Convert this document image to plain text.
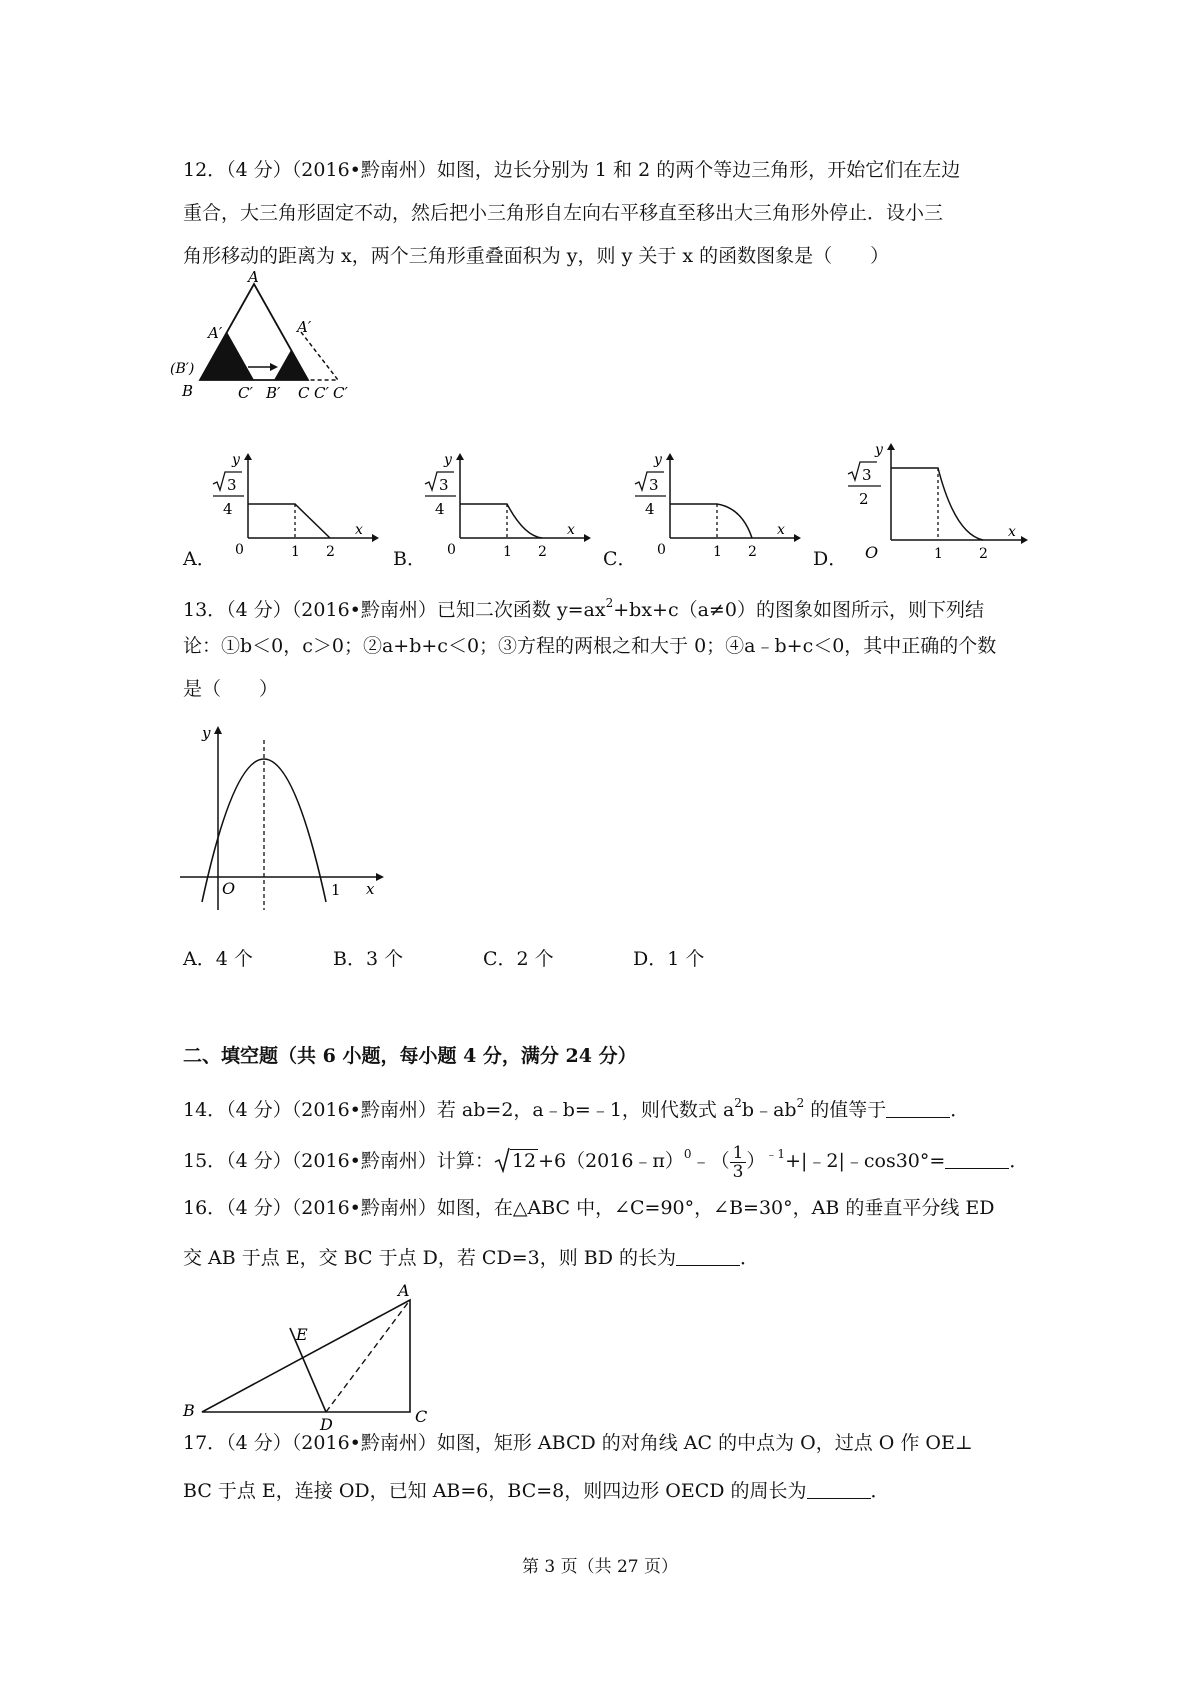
12．（4 分）（2016•黔南州）如图，边长分别为 1 和 2 的两个等边三角形，开始它们在左边
重合，大三角形固定不动，然后把小三角形自左向右平移直至移出大三角形外停止．设小三
角形移动的距离为 x，两个三角形重叠面积为 y，则 y 关于 x 的函数图象是（　　）
A
A′	A′
(B′)
B	C′ B′ C C′ C′
A．
y
x
0	1 2
3
4
B．
y
x
0	1 2
3
4
C．
y
x
0	1 2
3
4
D．
y
x
O	1	2
3
2
13．（4 分）（2016•黔南州）已知二次函数 $y=ax^2+bx+c(a\ne 0)$的图象如图所示，则下列结
论：①b＜0，c＞0；②a+b+c＜0；③方程的两根之和大于 0；④a﹣b+c＜0，其中正确的个数
是（　　）
y
x
O	1
A．4 个	B．3 个	C．2 个	D．1 个
二、填空题（共 6 小题，每小题 4 分，满分 24 分）
14．（4 分）（2016•黔南州）若 ab=2，a﹣b=﹣1，则代数式 $a^2b﹣ab^2$ 的值等于	．
15．（4 分）（2016•黔南州）计算： 12 +6（2016﹣π）$^0$﹣（ $\frac{1}{3}$ ）$^{﹣1}$+|﹣2|﹣cos30°=	．
16．（4 分）（2016•黔南州）如图，在△ABC 中，∠C=90°，∠B=30°，AB 的垂直平分线 ED
交 AB 于点 E，交 BC 于点 D，若 CD=3，则 BD 的长为	．
A
B	C
D
E
17．（4 分）（2016•黔南州）如图，矩形 ABCD 的对角线 AC 的中点为 O，过点 O 作 OE⊥
BC 于点 E，连接 OD，已知 AB=6，BC=8，则四边形 OECD 的周长为	．
第 3 页（共 27 页）
